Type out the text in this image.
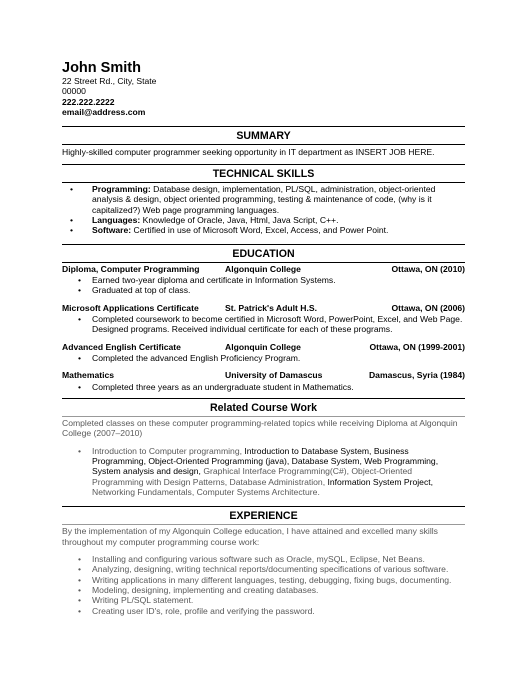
John Smith
22 Street Rd., City, State
00000
222.222.2222
email@address.com
SUMMARY
Highly-skilled computer programmer seeking opportunity in IT department as INSERT JOB HERE.
TECHNICAL SKILLS
• Programming: Database design, implementation, PL/SQL, administration, object-oriented analysis & design, object oriented programming, testing & maintenance of code, (why is it capitalized?) Web page programming languages.
• Languages: Knowledge of Oracle, Java, Html, Java Script, C++.
• Software: Certified in use of Microsoft Word, Excel, Access, and Power Point.
EDUCATION
Diploma, Computer Programming	Algonquin College	Ottawa, ON (2010)
• Earned two-year diploma and certificate in Information Systems.
• Graduated at top of class.
Microsoft Applications Certificate	St. Patrick's Adult H.S.	Ottawa, ON (2006)
• Completed coursework to become certified in Microsoft Word, PowerPoint, Excel, and Web Page. Designed programs. Received individual certificate for each of these programs.
Advanced English Certificate	Algonquin College	Ottawa, ON (1999-2001)
• Completed the advanced English Proficiency Program.
Mathematics	University of Damascus	Damascus, Syria (1984)
• Completed three years as an undergraduate student in Mathematics.
Related Course Work
Completed classes on these computer programming-related topics while receiving Diploma at Algonquin College (2007–2010)
• Introduction to Computer programming, Introduction to Database System, Business Programming, Object-Oriented Programming (java), Database System, Web Programming, System analysis and design, Graphical Interface Programming(C#), Object-Oriented Programming with Design Patterns, Database Administration, Information System Project, Networking Fundamentals, Computer Systems Architecture.
EXPERIENCE
By the implementation of my Algonquin College education, I have attained and excelled many skills throughout my computer programming course work:
• Installing and configuring various software such as Oracle, mySQL, Eclipse, Net Beans.
• Analyzing, designing, writing technical reports/documenting specifications of various software.
• Writing applications in many different languages, testing, debugging, fixing bugs, documenting.
• Modeling, designing, implementing and creating databases.
• Writing PL/SQL statement.
• Creating user ID's, role, profile and verifying the password.
